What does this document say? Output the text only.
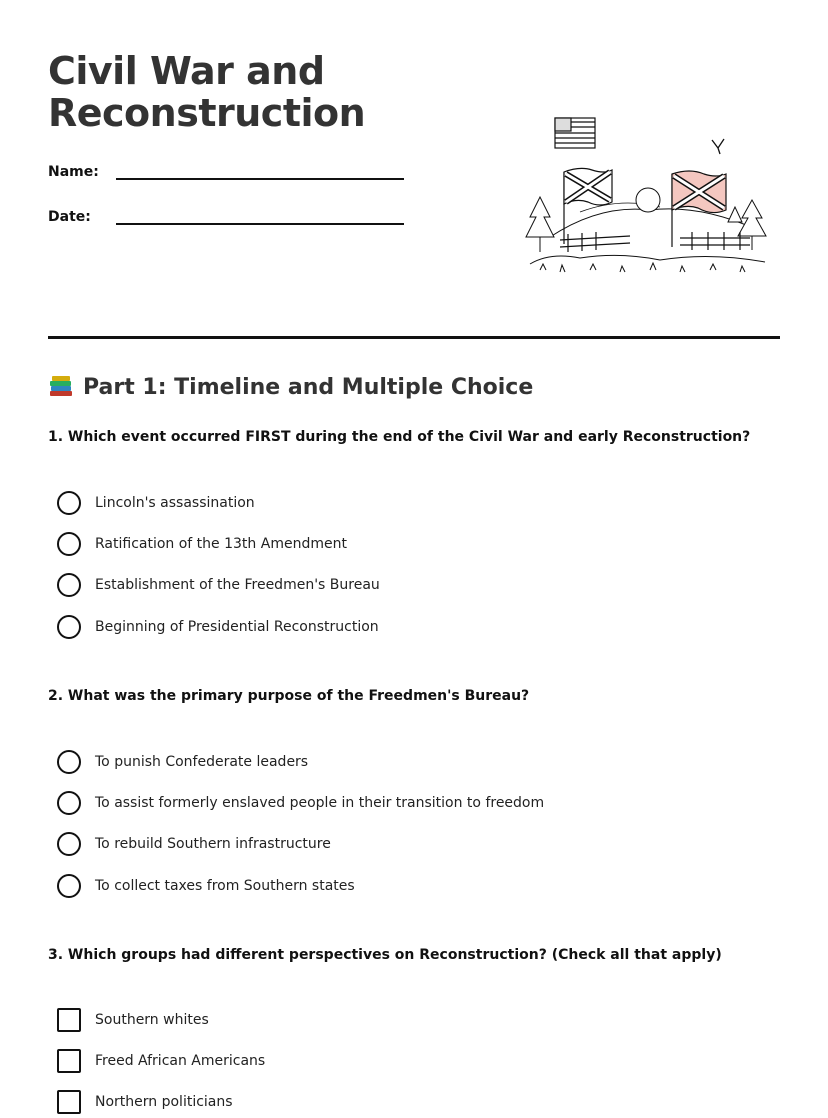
Civil War and Reconstruction
Name:
Date:
Part 1: Timeline and Multiple Choice

1. Which event occurred FIRST during the end of the Civil War and early Reconstruction?

Lincoln's assassination
Ratification of the 13th Amendment
Establishment of the Freedmen's Bureau
Beginning of Presidential Reconstruction

2. What was the primary purpose of the Freedmen's Bureau?

To punish Confederate leaders
To assist formerly enslaved people in their transition to freedom
To rebuild Southern infrastructure
To collect taxes from Southern states

3. Which groups had different perspectives on Reconstruction? (Check all that apply)

Southern whites
Freed African Americans
Northern politicians
